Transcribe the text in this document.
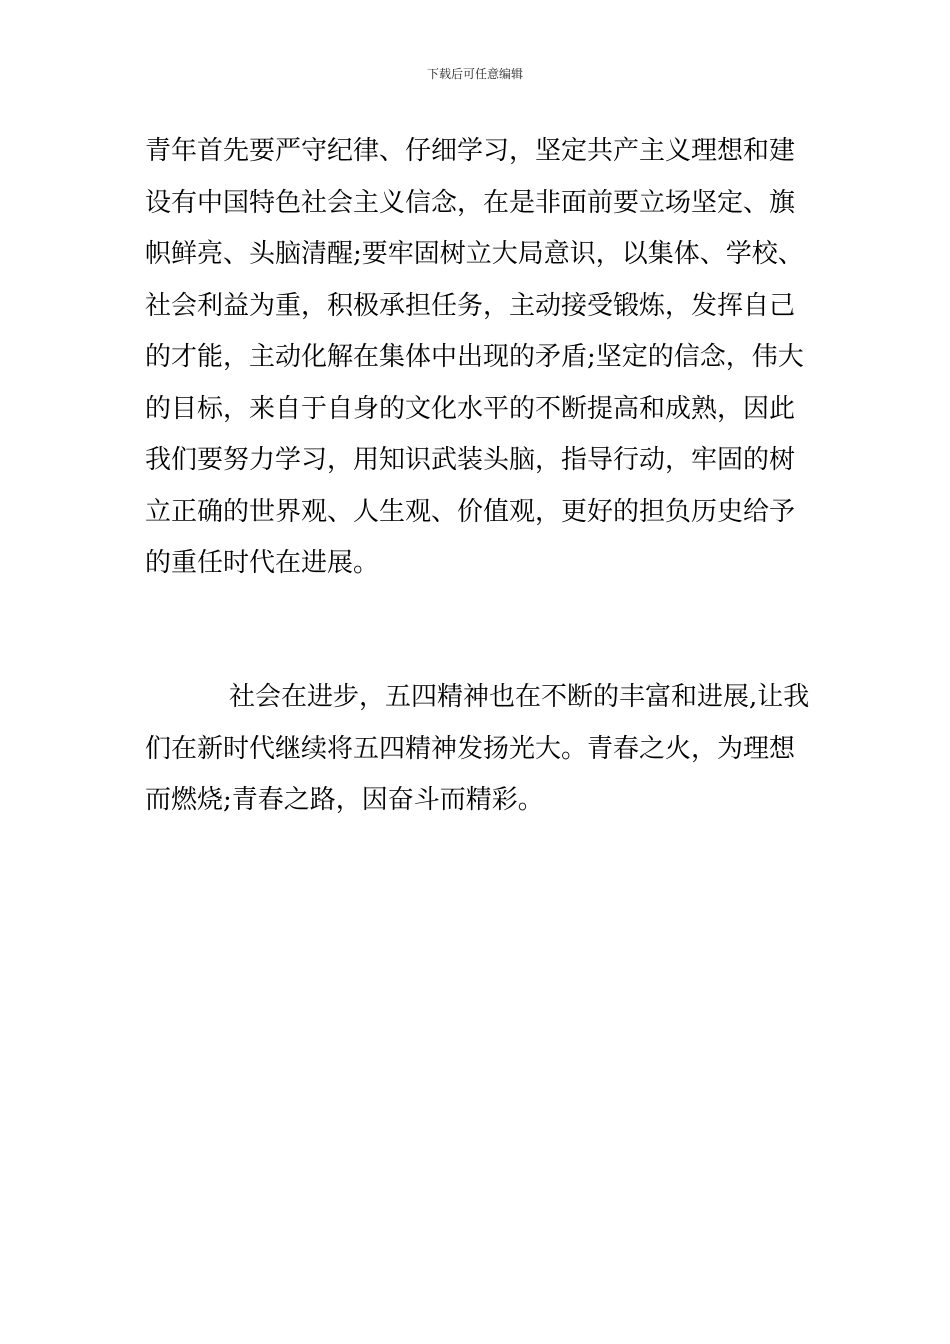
下载后可任意编辑

青年首先要严守纪律、仔细学习，坚定共产主义理想和建
设有中国特色社会主义信念，在是非面前要立场坚定、旗
帜鲜亮、头脑清醒;要牢固树立大局意识，以集体、学校、
社会利益为重，积极承担任务，主动接受锻炼，发挥自己
的才能，主动化解在集体中出现的矛盾;坚定的信念，伟大
的目标，来自于自身的文化水平的不断提高和成熟，因此
我们要努力学习，用知识武装头脑，指导行动，牢固的树
立正确的世界观、人生观、价值观，更好的担负历史给予
的重任时代在进展。

社会在进步，五四精神也在不断的丰富和进展,让我
们在新时代继续将五四精神发扬光大。青春之火，为理想
而燃烧;青春之路，因奋斗而精彩。
